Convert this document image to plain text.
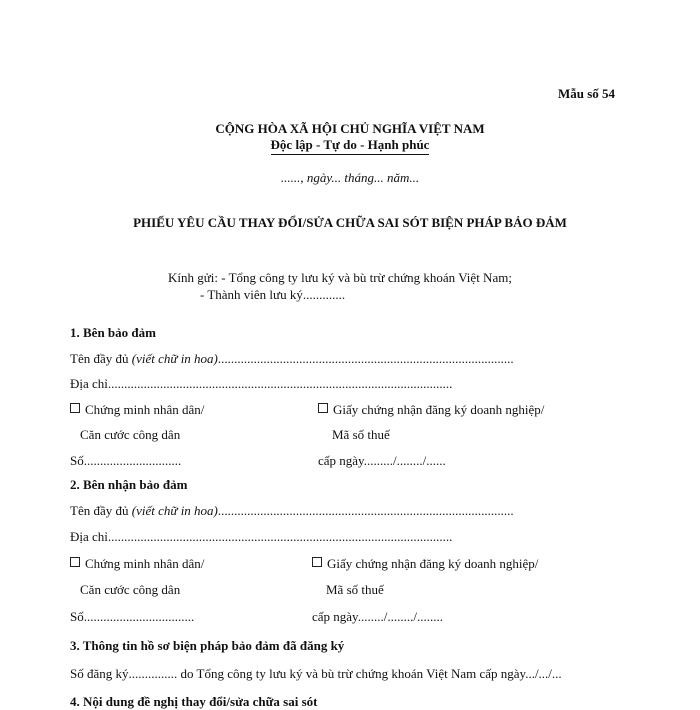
Mẫu số 54
CỘNG HÒA XÃ HỘI CHỦ NGHĨA VIỆT NAM
Độc lập - Tự do - Hạnh phúc
......, ngày... tháng... năm...
PHIẾU YÊU CẦU THAY ĐỔI/SỬA CHỮA SAI SÓT BIỆN PHÁP BẢO ĐẢM
Kính gửi: - Tổng công ty lưu ký và bù trừ chứng khoán Việt Nam;
- Thành viên lưu ký.............
1. Bên bảo đảm
Tên đầy đủ (viết chữ in hoa)...........................................................................................
Địa chỉ..........................................................................................................
Chứng minh nhân dân/
Căn cước công dân
Giấy chứng nhận đăng ký doanh nghiệp/
Mã số thuế
Số..............................	cấp ngày........./......../......
2. Bên nhận bảo đảm
Tên đầy đủ (viết chữ in hoa)...........................................................................................
Địa chỉ..........................................................................................................
Chứng minh nhân dân/
Căn cước công dân
Giấy chứng nhận đăng ký doanh nghiệp/
Mã số thuế
Số..................................	cấp ngày......../......../........
3. Thông tin hồ sơ biện pháp bảo đảm đã đăng ký
Số đăng ký............... do Tổng công ty lưu ký và bù trừ chứng khoán Việt Nam cấp ngày.../.../...
4. Nội dung đề nghị thay đổi/sửa chữa sai sót
